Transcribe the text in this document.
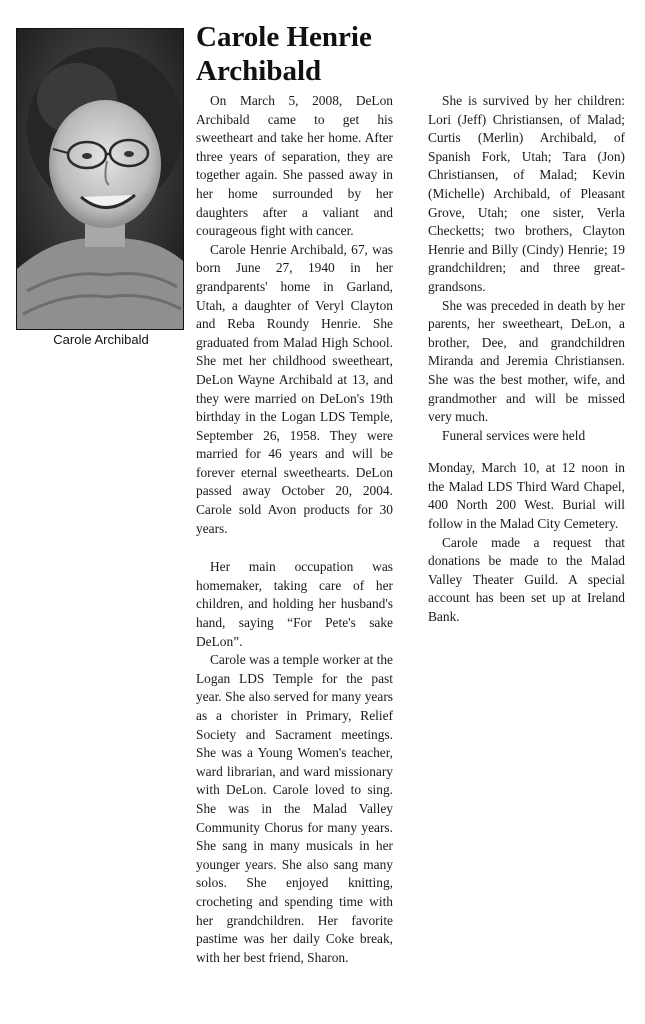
Carole Archibald
Carole Henrie
Archibald

On March 5, 2008, DeLon Archibald came to get his sweetheart and take her home. After three years of separation, they are together again. She passed away in her home surrounded by her daughters after a valiant and courageous fight with cancer.

Carole Henrie Archibald, 67, was born June 27, 1940 in her grandparents' home in Garland, Utah, a daughter of Veryl Clayton and Reba Roundy Henrie. She graduated from Malad High School. She met her childhood sweetheart, DeLon Wayne Archibald at 13, and they were married on DeLon's 19th birthday in the Logan LDS Temple, September 26, 1958. They were married for 46 years and will be forever eternal sweethearts. DeLon passed away October 20, 2004. Carole sold Avon products for 30 years.

Her main occupation was homemaker, taking care of her children, and holding her husband's hand, saying “For Pete's sake DeLon”.

Carole was a temple worker at the Logan LDS Temple for the past year. She also served for many years as a chorister in Primary, Relief Society and Sacrament meetings. She was a Young Women's teacher, ward librarian, and ward missionary with DeLon. Carole loved to sing. She was in the Malad Valley Community Chorus for many years. She sang in many musicals in her younger years. She also sang many solos. She enjoyed knitting, crocheting and spending time with her grandchildren. Her favorite pastime was her daily Coke break, with her best friend, Sharon.

She is survived by her children: Lori (Jeff) Christiansen, of Malad; Curtis (Merlin) Archibald, of Spanish Fork, Utah; Tara (Jon) Christiansen, of Malad; Kevin (Michelle) Archibald, of Pleasant Grove, Utah; one sister, Verla Checketts; two brothers, Clayton Henrie and Billy (Cindy) Henrie; 19 grandchildren; and three great-grandsons.

She was preceded in death by her parents, her sweetheart, DeLon, a brother, Dee, and grandchildren Miranda and Jeremia Christiansen. She was the best mother, wife, and grandmother and will be missed very much.

Funeral services were held

Monday, March 10, at 12 noon in the Malad LDS Third Ward Chapel, 400 North 200 West. Burial will follow in the Malad City Cemetery.

Carole made a request that donations be made to the Malad Valley Theater Guild. A special account has been set up at Ireland Bank.
